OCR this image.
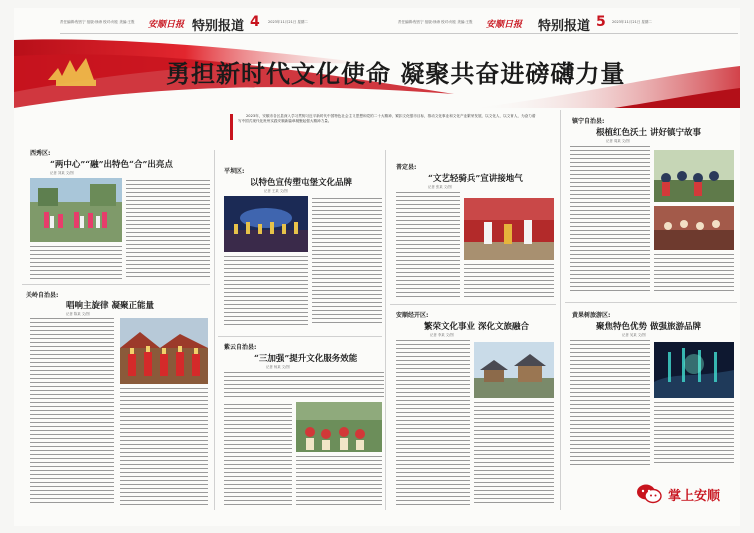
责任编辑:程晋宁 组版:徐涛 校对:何佳 美编:王胜 安顺日报 特别报道 4 2023年11月21日 星期二	责任编辑:程晋宁 组版:徐涛 校对:何佳 美编:王胜 安顺日报 特别报道 5 2023年11月21日 星期二
勇担新时代文化使命 凝聚共奋进磅礴力量

2023年，安顺市各区县深入学习贯彻习近平新时代中国特色社会主义思想和党的二十大精神，紧扣文化强市目标，推动文化事业和文化产业繁荣发展，以文化人、以文育人，为奋力谱写中国式现代化贵州实践安顺新篇章凝聚起强大精神力量。

西秀区:
“两中心”“融”出特色“合”出亮点
记者 刘某 文/图
关岭自治县:
唱响主旋律 凝聚正能量
记者 陈某 文/图
平坝区:
以特色宣传塑屯堡文化品牌
记者 王某 文/图
紫云自治县:
“三加强”提升文化服务效能
记者 杨某 文/图
普定县:
“文艺轻骑兵”宣讲接地气
记者 张某 文/图
安顺经开区:
繁荣文化事业 深化文旅融合
记者 李某 文/图
镇宁自治县:
根植红色沃土 讲好镇宁故事
记者 周某 文/图
黄果树旅游区:
聚焦特色优势 做强旅游品牌
记者 吴某 文/图
掌上安顺
